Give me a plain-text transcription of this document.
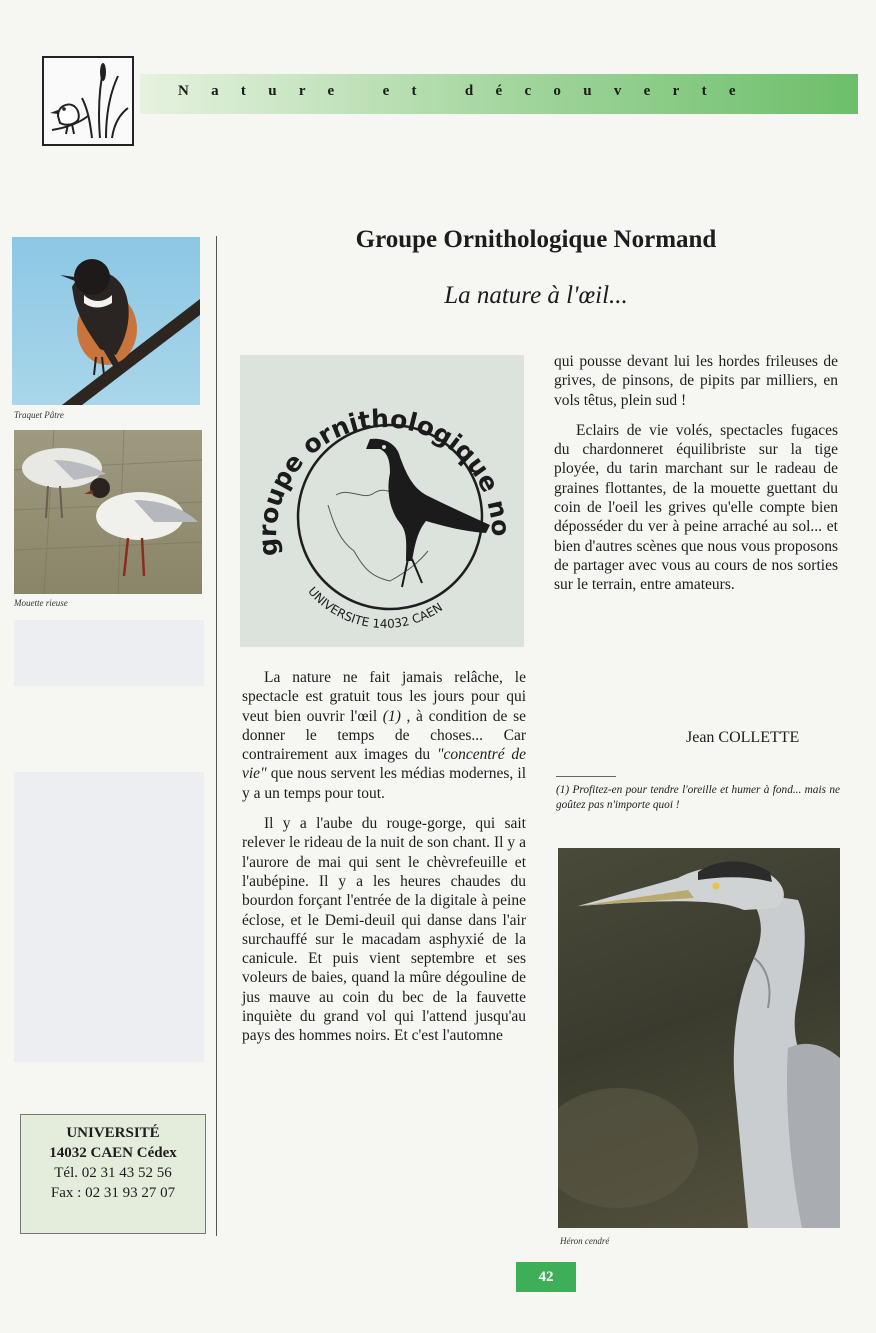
Nature et découverte
Traquet Pâtre
Mouette rieuse
UNIVERSITÉ
14032 CAEN Cédex
Tél. 02 31 43 52 56
Fax : 02 31 93 27 07
Groupe Ornithologique Normand
La nature à l'œil...
groupe ornithologique no
UNIVERSITE 14032 CAEN

La nature ne fait jamais relâche, le spectacle est gratuit tous les jours pour qui veut bien ouvrir l'œil (1) , à condition de se donner le temps de choses... Car contrairement aux images du "concentré de vie" que nous servent les médias modernes, il y a un temps pour tout.

Il y a l'aube du rouge-gorge, qui sait relever le rideau de la nuit de son chant. Il y a l'aurore de mai qui sent le chèvrefeuille et l'aubépine. Il y a les heures chaudes du bourdon forçant l'entrée de la digitale à peine éclose, et le Demi-deuil qui danse dans l'air surchauffé sur le macadam asphyxié de la canicule. Et puis vient septembre et ses voleurs de baies, quand la mûre dégouline de jus mauve au coin du bec de la fauvette inquiète du grand vol qui l'attend jusqu'au pays des hommes noirs. Et c'est l'automne

qui pousse devant lui les hordes frileuses de grives, de pinsons, de pipits par milliers, en vols têtus, plein sud !

Eclairs de vie volés, spectacles fugaces du chardonneret équilibriste sur la tige ployée, du tarin marchant sur le radeau de graines flottantes, de la mouette guettant du coin de l'oeil les grives qu'elle compte bien déposséder du ver à peine arraché au sol... et bien d'autres scènes que nous vous proposons de partager avec vous au cours de nos sorties sur le terrain, entre amateurs.

Jean COLLETTE
(1) Profitez-en pour tendre l'oreille et humer à fond... mais ne goûtez pas n'importe quoi !
Héron cendré
42
